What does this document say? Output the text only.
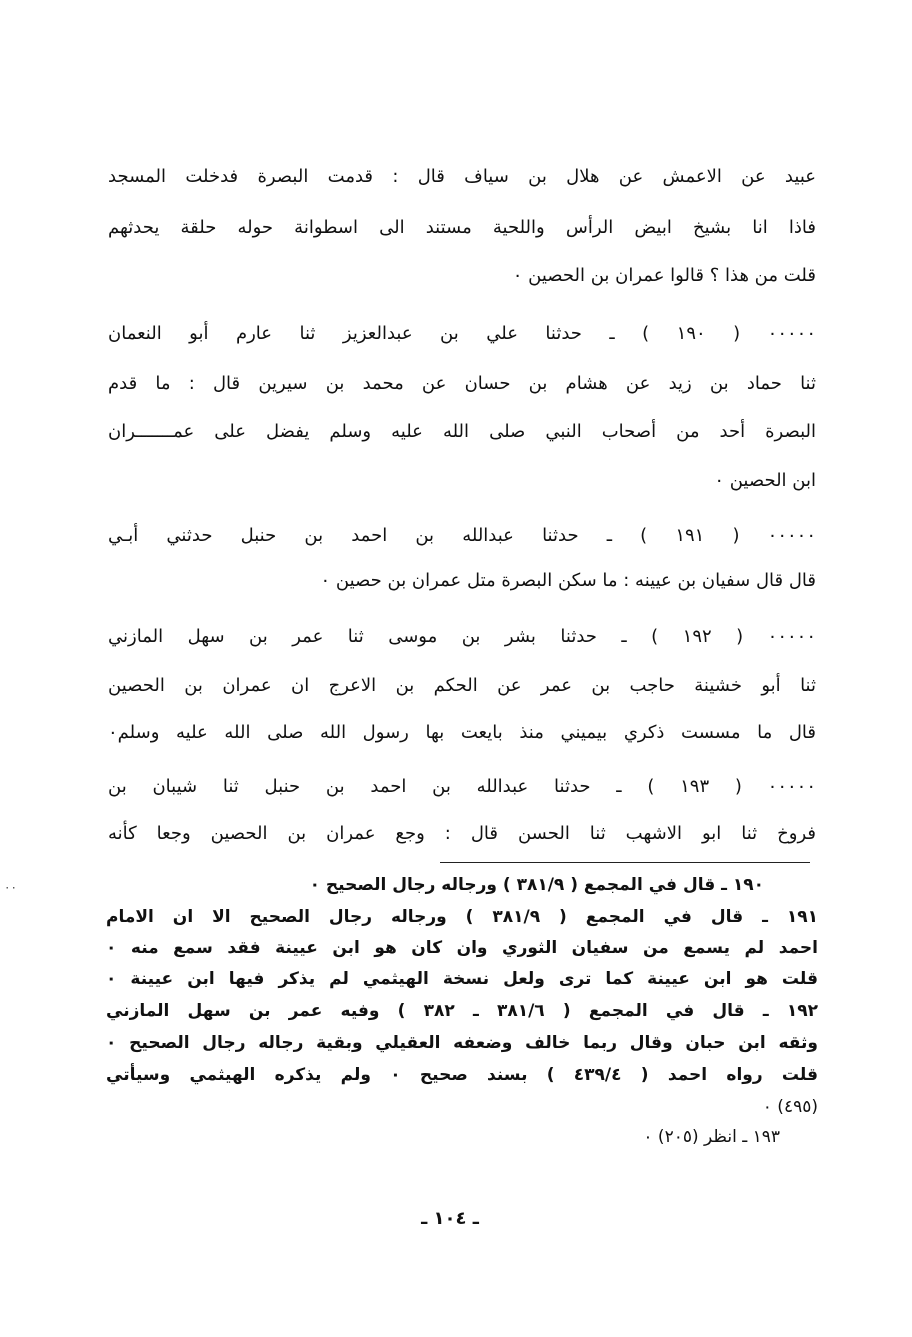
عبيد عن الاعمش عن هلال بن سياف قال : قدمت البصرة فدخلت المسجد
فاذا انا بشيخ ابيض الرأس واللحية مستند الى اسطوانة حوله حلقة يحدثهم
قلت من هذا ؟ قالوا عمران بن الحصين ٠
٠٠٠٠٠ ( ١٩٠ ) ـ حدثنا علي بن عبدالعزيز ثنا عارم أبو النعمان
ثنا حماد بن زيد عن هشام بن حسان عن محمد بن سيرين قال : ما قدم
البصرة أحد من أصحاب النبي صلى الله عليه وسلم يفضل على عمـــــــران
ابن الحصين ٠
٠٠٠٠٠ ( ١٩١ ) ـ حدثنا عبدالله بن احمد بن حنبل حدثني أبـي
قال قال سفيان بن عيينه : ما سكن البصرة متل عمران بن حصين ٠
٠٠٠٠٠ ( ١٩٢ ) ـ حدثنا بشر بن موسى ثنا عمر بن سهل المازني
ثنا أبو خشينة حاجب بن عمر عن الحكم بن الاعرج ان عمران بن الحصين
قال ما مسست ذكري بيميني منذ بايعت بها رسول الله صلى الله عليه وسلم٠
٠٠٠٠٠ ( ١٩٣ ) ـ حدثنا عبدالله بن احمد بن حنبل ثنا شيبان بن
فروخ ثنا ابو الاشهب ثنا الحسن قال : وجع عمران بن الحصين وجعا كأنه
١٩٠ ـ قال في المجمع ( ٣٨١/٩ ) ورجاله رجال الصحيح ٠
١٩١ ـ قال في المجمع ( ٣٨١/٩ ) ورجاله رجال الصحيح الا ان الامام
احمد لم يسمع من سفيان الثوري وان كان هو ابن عيينة فقد سمع منه ٠
قلت هو ابن عيينة كما ترى ولعل نسخة الهيثمي لم يذكر فيها ابن عيينة ٠
١٩٢ ـ قال في المجمع ( ٣٨١/٦ ـ ٣٨٢ ) وفيه عمر بن سهل المازني
وثقه ابن حبان وقال ربما خالف وضعفه العقيلي وبقية رجاله رجال الصحيح ٠
قلت رواه احمد ( ٤٣٩/٤ ) بسند صحيح ٠ ولم يذكره الهيثمي وسيأتي
(٤٩٥) ٠
١٩٣ ـ انظر (٢٠٥) ٠
ـ ١٠٤ ـ
٠٠
